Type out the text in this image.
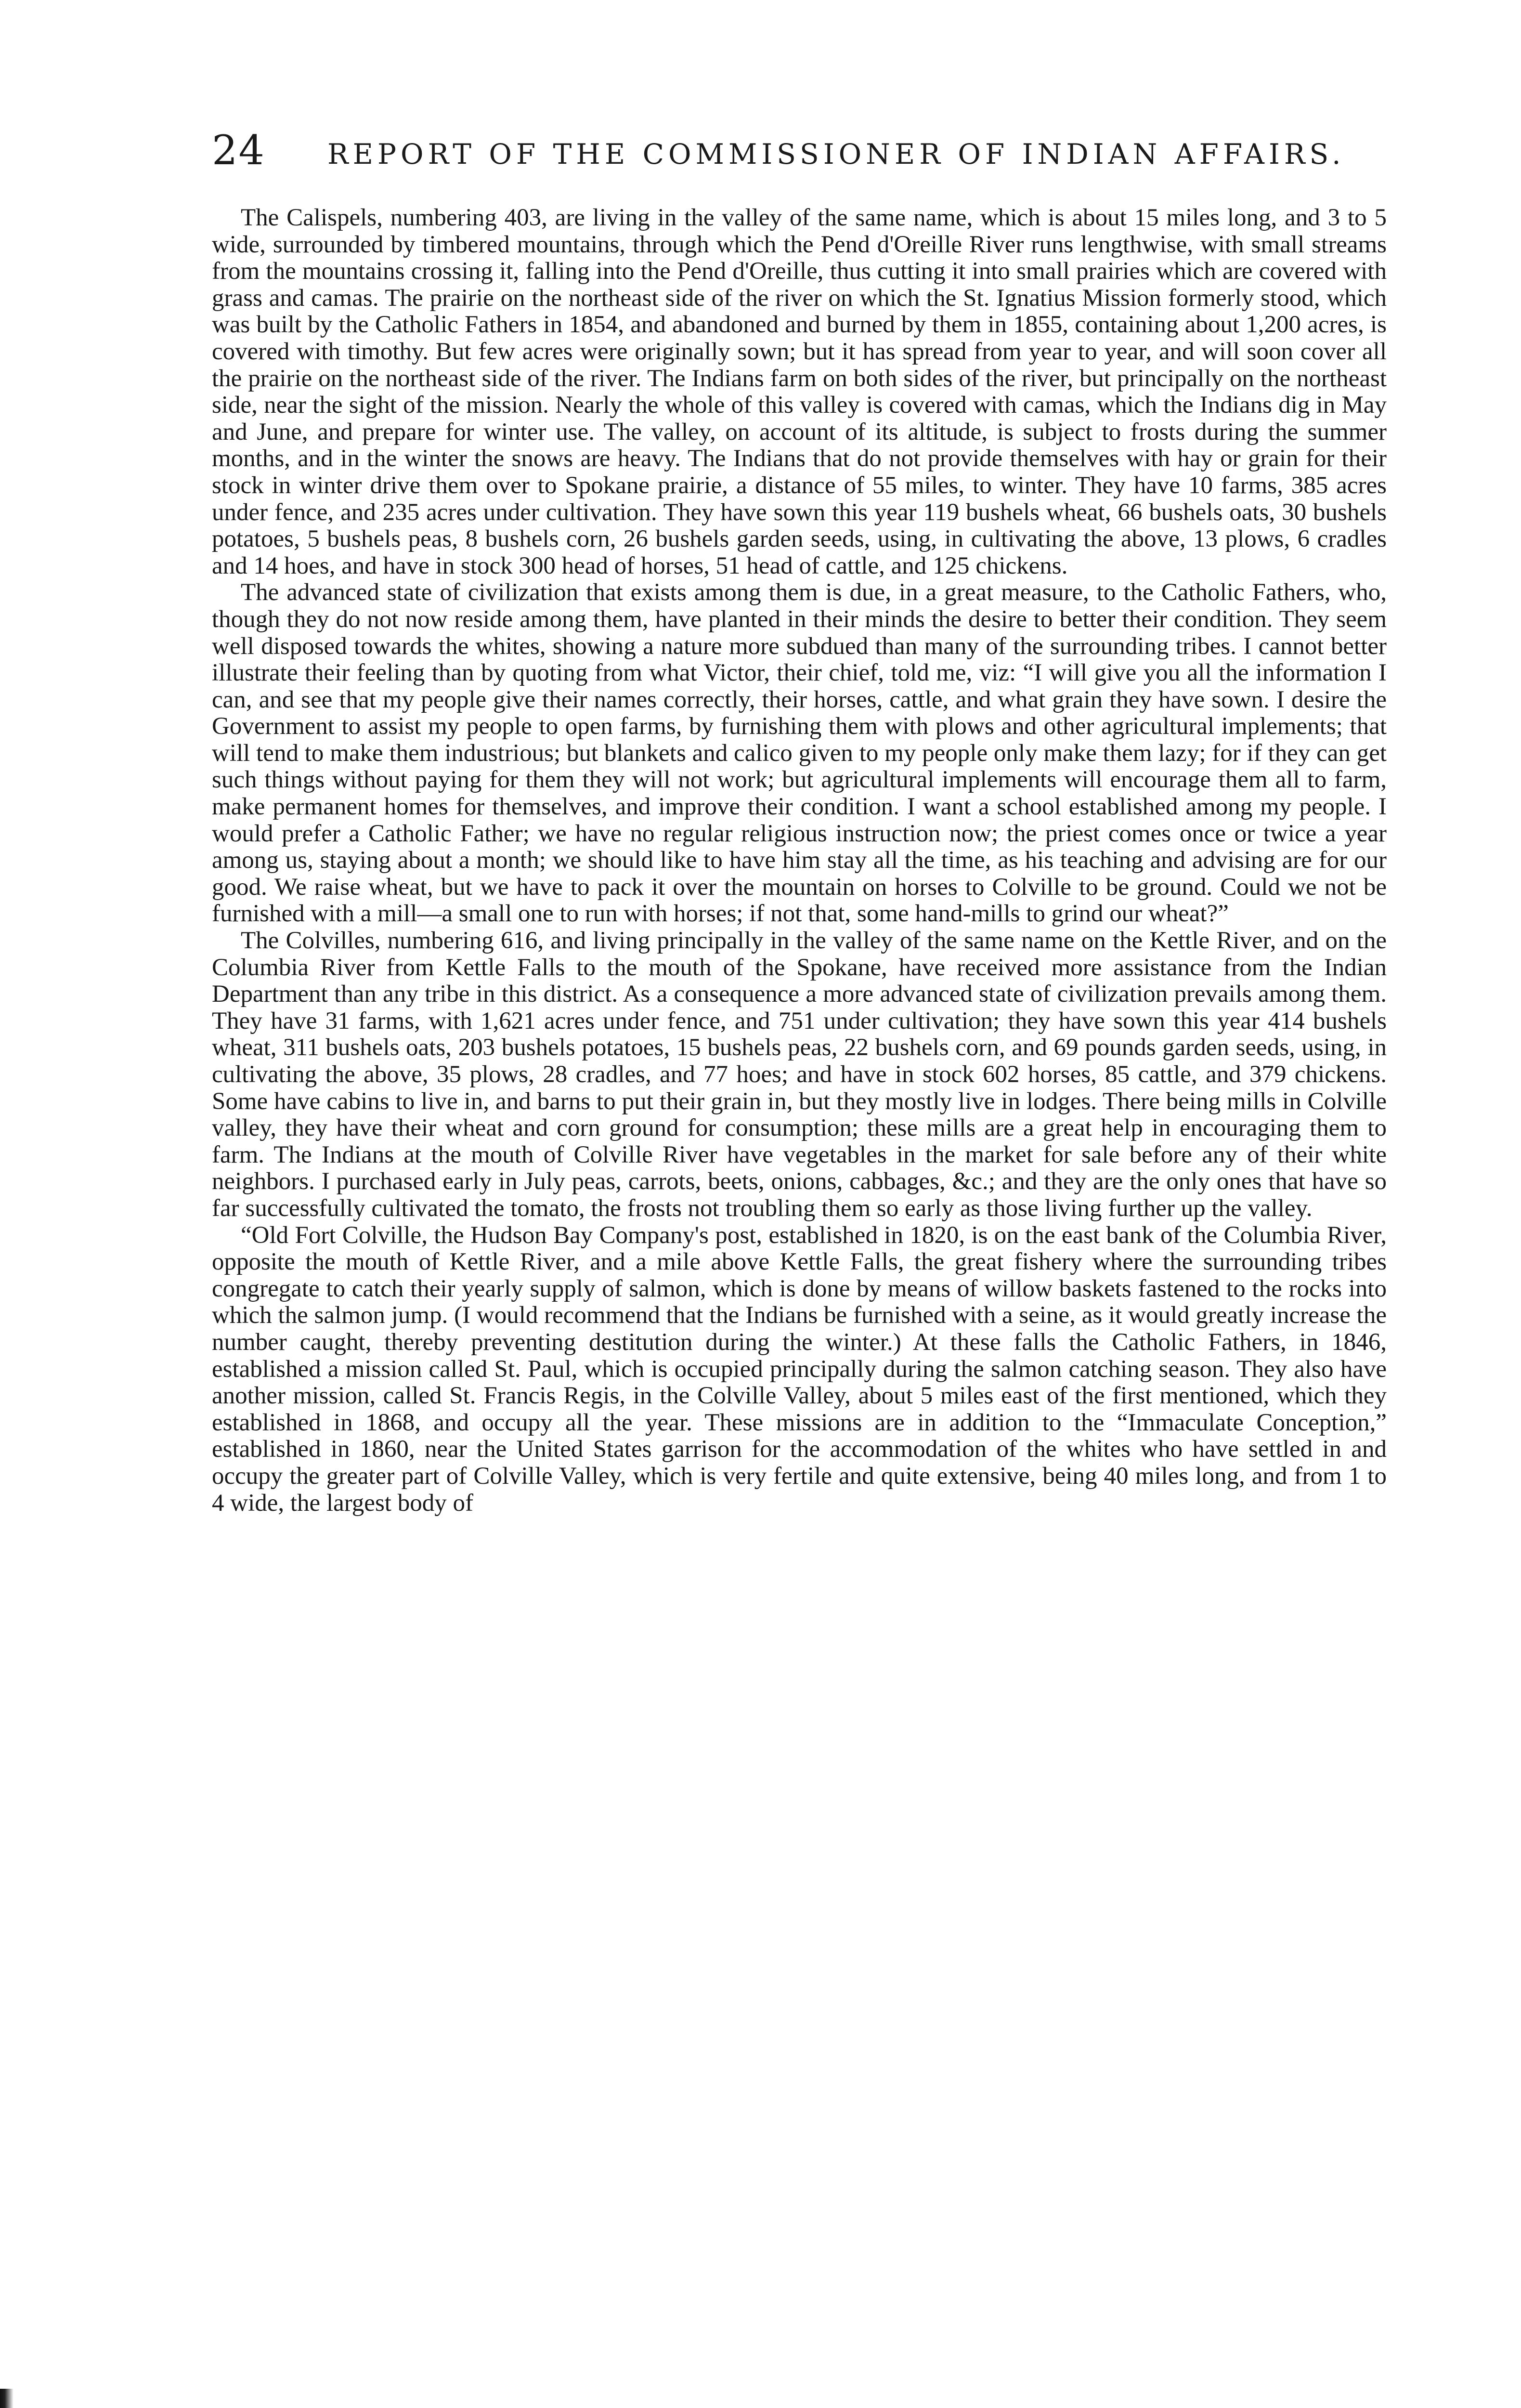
24 REPORT OF THE COMMISSIONER OF INDIAN AFFAIRS.

The Calispels, numbering 403, are living in the valley of the same name, which is about 15 miles long, and 3 to 5 wide, surrounded by timbered mountains, through which the Pend d'Oreille River runs lengthwise, with small streams from the mountains crossing it, falling into the Pend d'Oreille, thus cutting it into small prairies which are covered with grass and camas. The prairie on the northeast side of the river on which the St. Ignatius Mission formerly stood, which was built by the Catholic Fathers in 1854, and abandoned and burned by them in 1855, containing about 1,200 acres, is covered with timothy. But few acres were originally sown; but it has spread from year to year, and will soon cover all the prairie on the northeast side of the river. The Indians farm on both sides of the river, but principally on the northeast side, near the sight of the mission. Nearly the whole of this valley is covered with camas, which the Indians dig in May and June, and prepare for winter use. The valley, on account of its altitude, is subject to frosts during the summer months, and in the winter the snows are heavy. The Indians that do not provide themselves with hay or grain for their stock in winter drive them over to Spokane prairie, a distance of 55 miles, to winter. They have 10 farms, 385 acres under fence, and 235 acres under cultivation. They have sown this year 119 bushels wheat, 66 bushels oats, 30 bushels potatoes, 5 bushels peas, 8 bushels corn, 26 bushels garden seeds, using, in cultivating the above, 13 plows, 6 cradles and 14 hoes, and have in stock 300 head of horses, 51 head of cattle, and 125 chickens.

The advanced state of civilization that exists among them is due, in a great measure, to the Catholic Fathers, who, though they do not now reside among them, have planted in their minds the desire to better their condition. They seem well disposed towards the whites, showing a nature more subdued than many of the surrounding tribes. I cannot better illustrate their feeling than by quoting from what Victor, their chief, told me, viz: “I will give you all the information I can, and see that my people give their names correctly, their horses, cattle, and what grain they have sown. I desire the Government to assist my people to open farms, by furnishing them with plows and other agricultural implements; that will tend to make them industrious; but blankets and calico given to my people only make them lazy; for if they can get such things without paying for them they will not work; but agricultural implements will encourage them all to farm, make permanent homes for themselves, and improve their condition. I want a school established among my people. I would prefer a Catholic Father; we have no regular religious instruction now; the priest comes once or twice a year among us, staying about a month; we should like to have him stay all the time, as his teaching and advising are for our good. We raise wheat, but we have to pack it over the mountain on horses to Colville to be ground. Could we not be furnished with a mill—a small one to run with horses; if not that, some hand-mills to grind our wheat?”

The Colvilles, numbering 616, and living principally in the valley of the same name on the Kettle River, and on the Columbia River from Kettle Falls to the mouth of the Spokane, have received more assistance from the Indian Department than any tribe in this district. As a consequence a more advanced state of civilization prevails among them. They have 31 farms, with 1,621 acres under fence, and 751 under cultivation; they have sown this year 414 bushels wheat, 311 bushels oats, 203 bushels potatoes, 15 bushels peas, 22 bushels corn, and 69 pounds garden seeds, using, in cultivating the above, 35 plows, 28 cradles, and 77 hoes; and have in stock 602 horses, 85 cattle, and 379 chickens. Some have cabins to live in, and barns to put their grain in, but they mostly live in lodges. There being mills in Colville valley, they have their wheat and corn ground for consumption; these mills are a great help in encouraging them to farm. The Indians at the mouth of Colville River have vegetables in the market for sale before any of their white neighbors. I purchased early in July peas, carrots, beets, onions, cabbages, &c.; and they are the only ones that have so far successfully cultivated the tomato, the frosts not troubling them so early as those living further up the valley.

“Old Fort Colville, the Hudson Bay Company's post, established in 1820, is on the east bank of the Columbia River, opposite the mouth of Kettle River, and a mile above Kettle Falls, the great fishery where the surrounding tribes congregate to catch their yearly supply of salmon, which is done by means of willow baskets fastened to the rocks into which the salmon jump. (I would recommend that the Indians be furnished with a seine, as it would greatly increase the number caught, thereby preventing destitution during the winter.) At these falls the Catholic Fathers, in 1846, established a mission called St. Paul, which is occupied principally during the salmon catching season. They also have another mission, called St. Francis Regis, in the Colville Valley, about 5 miles east of the first mentioned, which they established in 1868, and occupy all the year. These missions are in addition to the “Immaculate Conception,” established in 1860, near the United States garrison for the accommodation of the whites who have settled in and occupy the greater part of Colville Valley, which is very fertile and quite extensive, being 40 miles long, and from 1 to 4 wide, the largest body of
